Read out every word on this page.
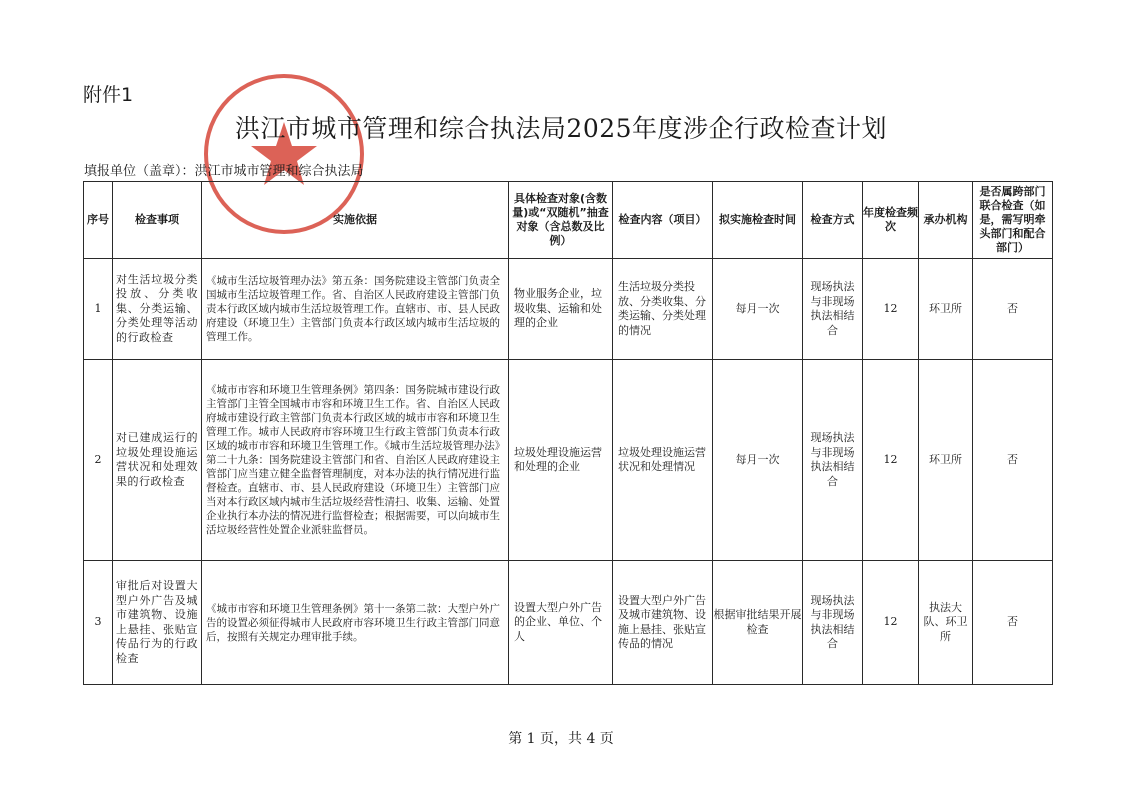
附件1
洪江市城市管理和综合执法局2025年度涉企行政检查计划
填报单位（盖章）：洪江市城市管理和综合执法局
序号	检查事项	实施依据	具体检查对象(含数量)或“双随机”抽查对象（含总数及比例）	检查内容（项目）	拟实施检查时间	检查方式	年度检查频次	承办机构	是否属跨部门联合检查（如是，需写明牵头部门和配合部门）
1	对生活垃圾分类投放、分类收集、分类运输、分类处理等活动的行政检查	《城市生活垃圾管理办法》第五条：国务院建设主管部门负责全国城市生活垃圾管理工作。省、自治区人民政府建设主管部门负责本行政区域内城市生活垃圾管理工作。直辖市、市、县人民政府建设（环境卫生）主管部门负责本行政区域内城市生活垃圾的管理工作。	物业服务企业，垃圾收集、运输和处理的企业	生活垃圾分类投放、分类收集、分类运输、分类处理的情况	每月一次	现场执法与非现场执法相结合	12	环卫所	否
2	对已建成运行的垃圾处理设施运营状况和处理效果的行政检查	《城市市容和环境卫生管理条例》第四条：国务院城市建设行政主管部门主管全国城市市容和环境卫生工作。省、自治区人民政府城市建设行政主管部门负责本行政区域的城市市容和环境卫生管理工作。城市人民政府市容环境卫生行政主管部门负责本行政区域的城市市容和环境卫生管理工作。《城市生活垃圾管理办法》第二十九条：国务院建设主管部门和省、自治区人民政府建设主管部门应当建立健全监督管理制度，对本办法的执行情况进行监督检查。直辖市、市、县人民政府建设（环境卫生）主管部门应当对本行政区域内城市生活垃圾经营性清扫、收集、运输、处置企业执行本办法的情况进行监督检查；根据需要，可以向城市生活垃圾经营性处置企业派驻监督员。	垃圾处理设施运营和处理的企业	垃圾处理设施运营状况和处理情况	每月一次	现场执法与非现场执法相结合	12	环卫所	否
3	审批后对设置大型户外广告及城市建筑物、设施上悬挂、张贴宣传品行为的行政检查	《城市市容和环境卫生管理条例》第十一条第二款：大型户外广告的设置必须征得城市人民政府市容环境卫生行政主管部门同意后，按照有关规定办理审批手续。	设置大型户外广告的企业、单位、个人	设置大型户外广告及城市建筑物、设施上悬挂、张贴宣传品的情况	根据审批结果开展检查	现场执法与非现场执法相结合	12	执法大队、环卫所	否
第 1 页，共 4 页
